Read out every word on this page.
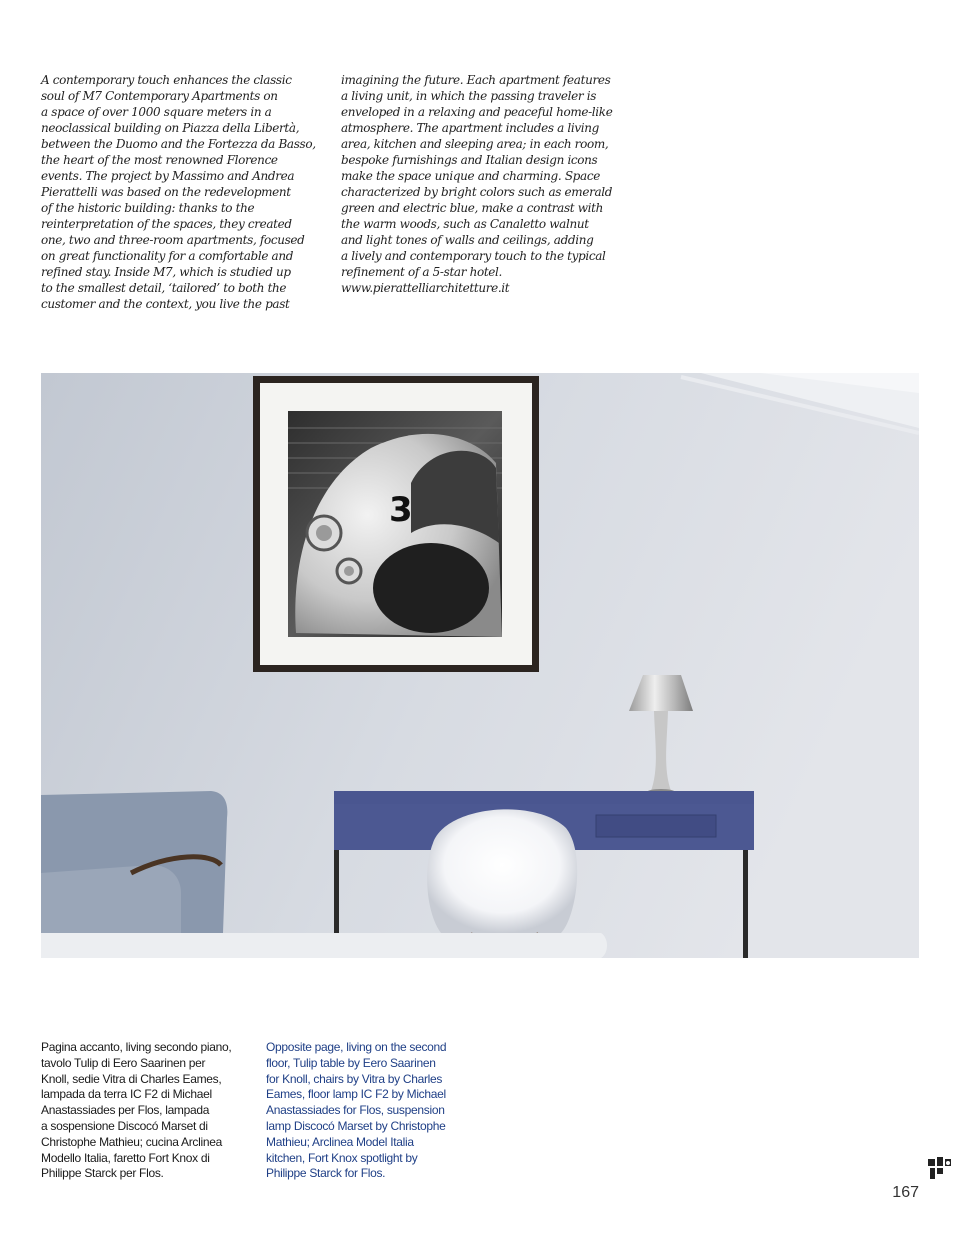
A contemporary touch enhances the classic
soul of M7 Contemporary Apartments on
a space of over 1000 square meters in a
neoclassical building on Piazza della Libertà,
between the Duomo and the Fortezza da Basso,
the heart of the most renowned Florence
events. The project by Massimo and Andrea
Pierattelli was based on the redevelopment
of the historic building: thanks to the
reinterpretation of the spaces, they created
one, two and three-room apartments, focused
on great functionality for a comfortable and
refined stay. Inside M7, which is studied up
to the smallest detail, ‘tailored’ to both the
customer and the context, you live the past

imagining the future. Each apartment features
a living unit, in which the passing traveler is
enveloped in a relaxing and peaceful home-like
atmosphere. The apartment includes a living
area, kitchen and sleeping area; in each room,
bespoke furnishings and Italian design icons
make the space unique and charming. Space
characterized by bright colors such as emerald
green and electric blue, make a contrast with
the warm woods, such as Canaletto walnut
and light tones of walls and ceilings, adding
a lively and contemporary touch to the typical
refinement of a 5-star hotel.
www.pierattelliarchitetture.it

3
Pagina accanto, living secondo piano,
tavolo Tulip di Eero Saarinen per
Knoll, sedie Vitra di Charles Eames,
lampada da terra IC F2 di Michael
Anastassiades per Flos, lampada
a sospensione Discocó Marset di
Christophe Mathieu; cucina Arclinea
Modello Italia, faretto Fort Knox di
Philippe Starck per Flos.
Opposite page, living on the second
floor, Tulip table by Eero Saarinen
for Knoll, chairs by Vitra by Charles
Eames, floor lamp IC F2 by Michael
Anastassiades for Flos, suspension
lamp Discocó Marset by Christophe
Mathieu; Arclinea Model Italia
kitchen, Fort Knox spotlight by
Philippe Starck for Flos.
167
